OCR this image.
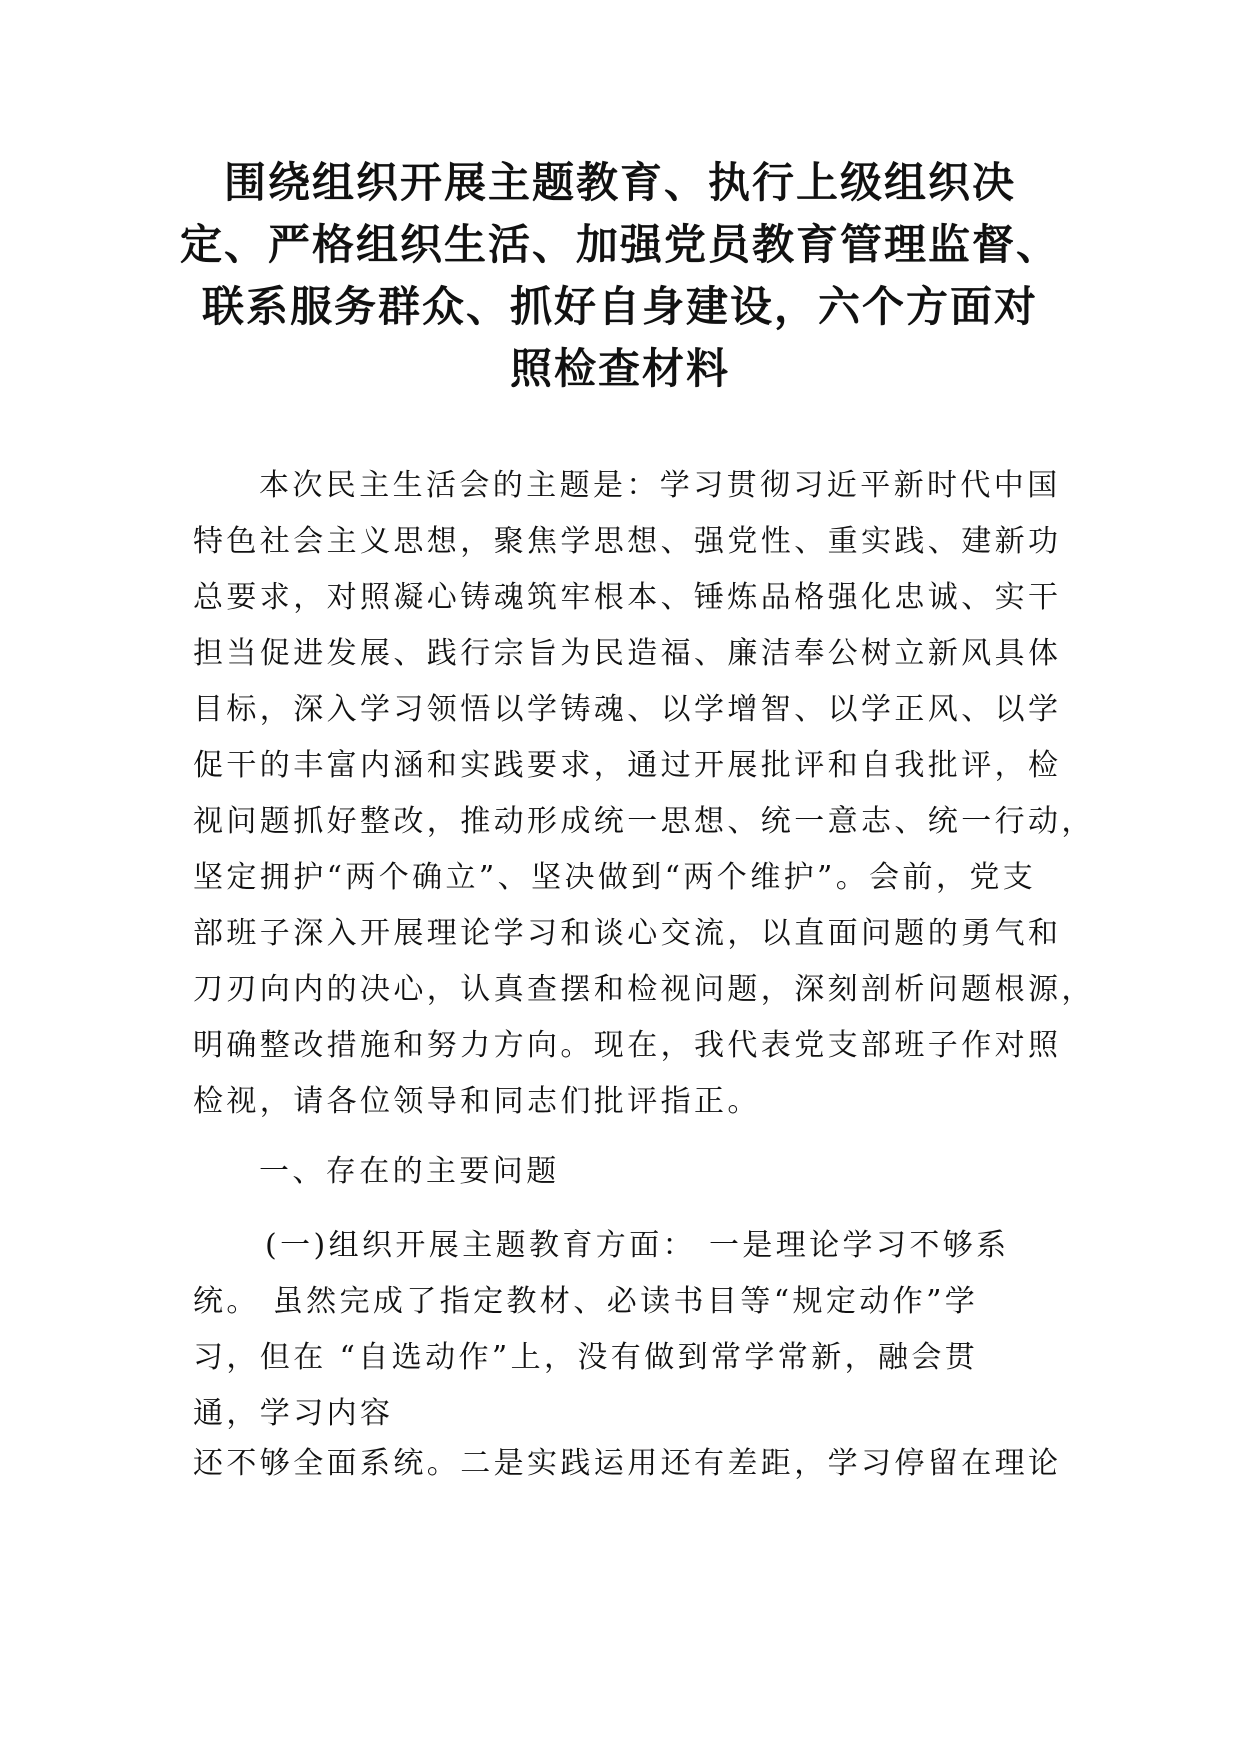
围绕组织开展主题教育、执行上级组织决
定、严格组织生活、加强党员教育管理监督、
联系服务群众、抓好自身建设，六个方面对
照检查材料
本次民主生活会的主题是：学习贯彻习近平新时代中国
特色社会主义思想，聚焦学思想、强党性、重实践、建新功
总要求，对照凝心铸魂筑牢根本、锤炼品格强化忠诚、实干
担当促进发展、践行宗旨为民造福、廉洁奉公树立新风具体
目标，深入学习领悟以学铸魂、以学增智、以学正风、以学
促干的丰富内涵和实践要求，通过开展批评和自我批评，检
视问题抓好整改，推动形成统一思想、统一意志、统一行动，
坚定拥护“两个确立”、坚决做到“两个维护”。会前，党支
部班子深入开展理论学习和谈心交流，以直面问题的勇气和
刀刃向内的决心，认真查摆和检视问题，深刻剖析问题根源，
明确整改措施和努力方向。现在，我代表党支部班子作对照
检视，请各位领导和同志们批评指正。
一、存在的主要问题
(一)组织开展主题教育方面： 一是理论学习不够系
统。 虽然完成了指定教材、必读书目等“规定动作”学
习，但在 “自选动作”上，没有做到常学常新，融会贯
通，学习内容
还不够全面系统。二是实践运用还有差距，学习停留在理论
